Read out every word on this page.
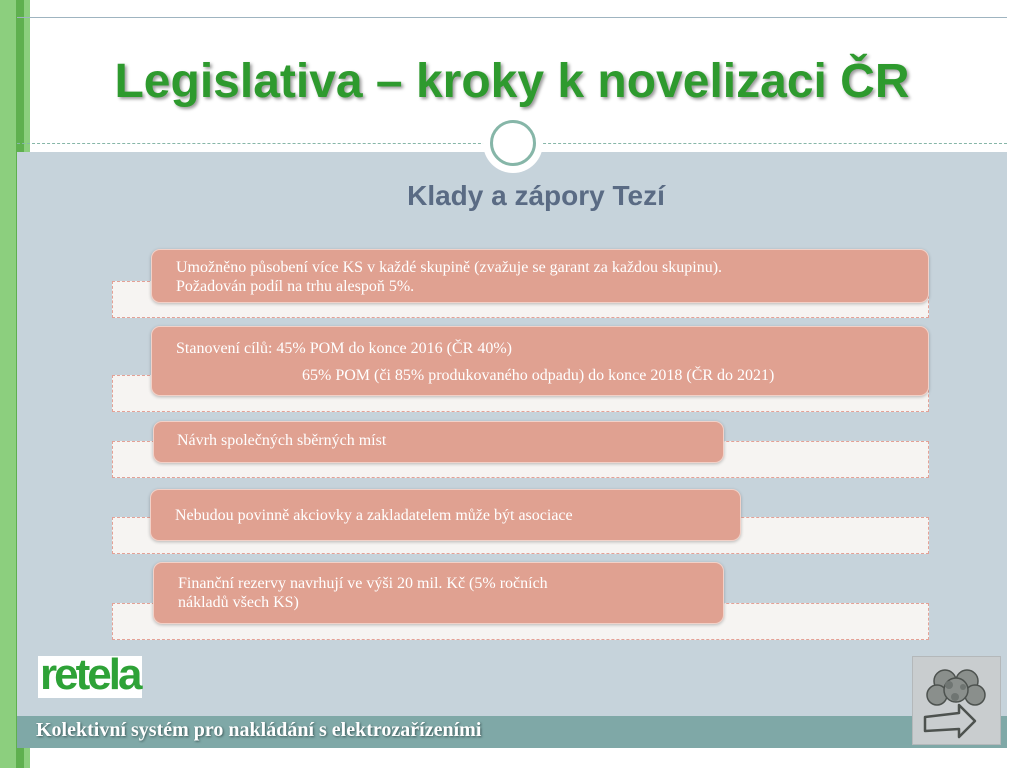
Legislativa – kroky k novelizaci ČR
Klady a zápory Tezí
Umožněno působení více KS v každé skupině (zvažuje se garant za každou skupinu).
Požadován podíl na trhu alespoň 5%.
Stanovení cílů: 45% POM do konce 2016 (ČR 40%)
65% POM (či 85% produkovaného odpadu) do konce 2018 (ČR do 2021)
Návrh společných sběrných míst
Nebudou povinně akciovky a zakladatelem může být asociace
Finanční rezervy navrhují ve výši 20 mil. Kč (5% ročních
nákladů všech KS)
retela
Kolektivní systém pro nakládání s elektrozařízeními
